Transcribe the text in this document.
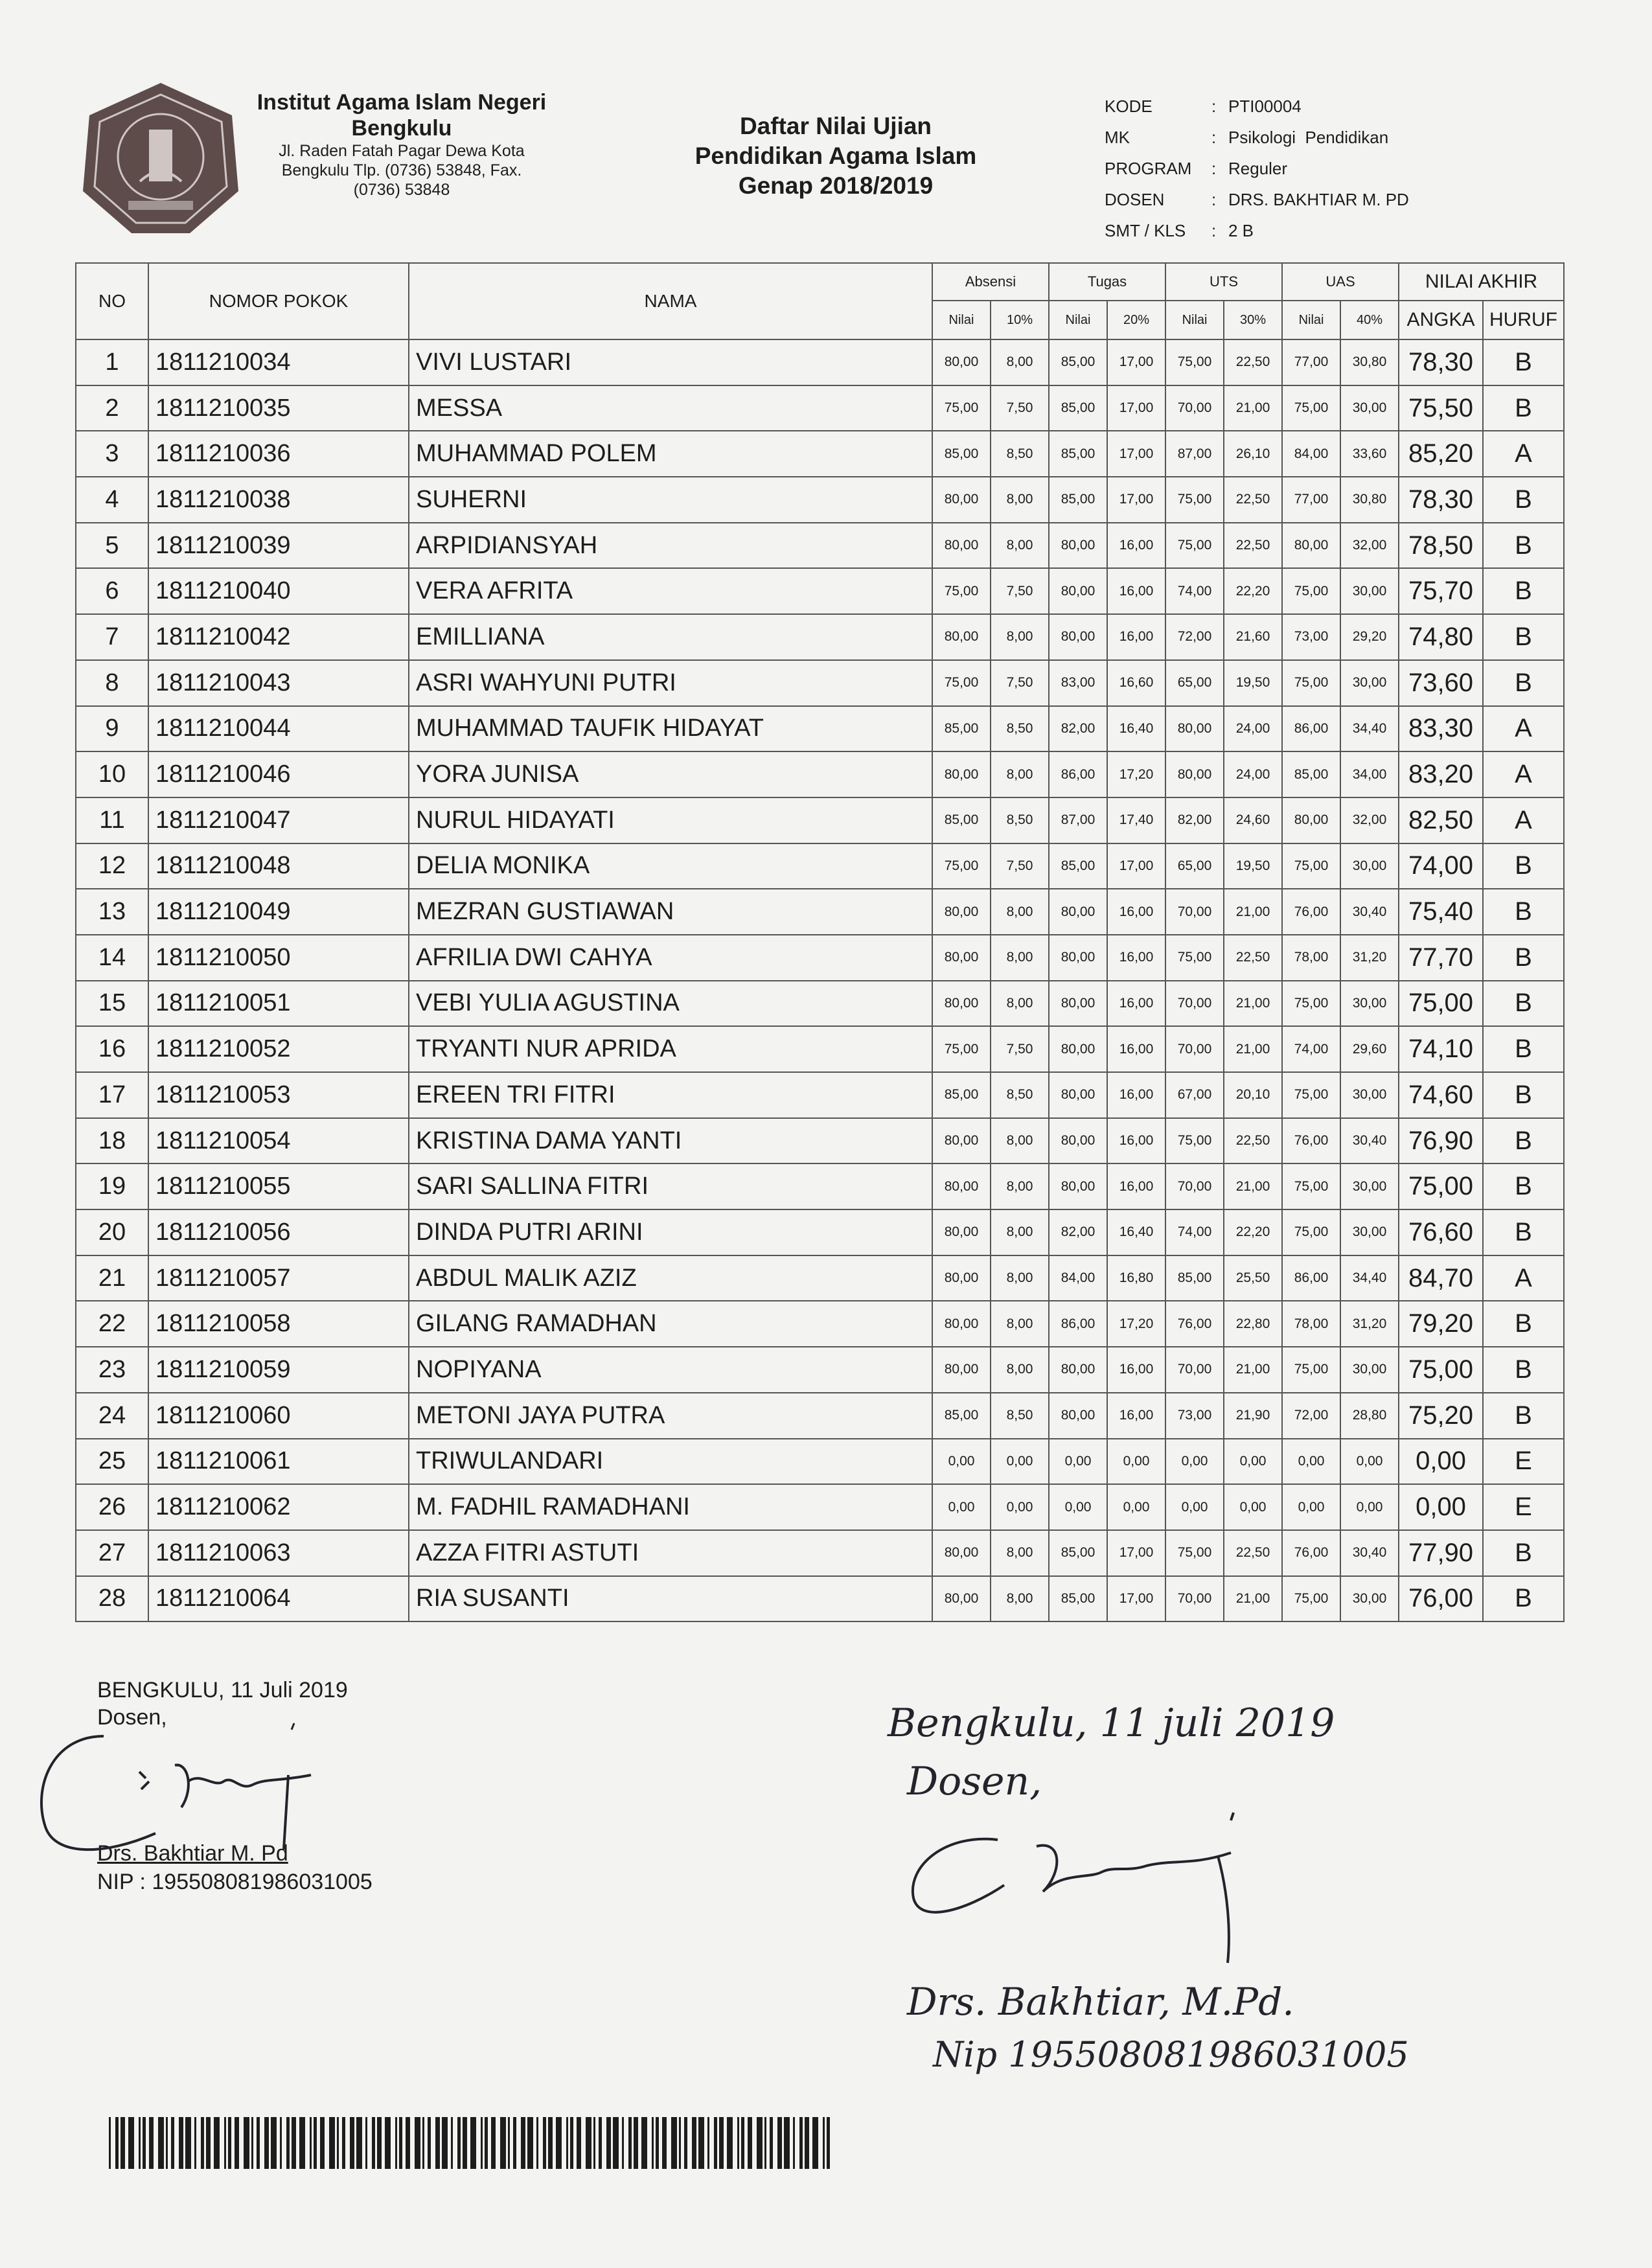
Institut Agama Islam Negeri
Bengkulu
Jl. Raden Fatah Pagar Dewa Kota
Bengkulu Tlp. (0736) 53848, Fax.
(0736) 53848
Daftar Nilai Ujian
Pendidikan Agama Islam
Genap 2018/2019
KODE	: PTI00004
MK	: Psikologi  Pendidikan
PROGRAM	: Reguler
DOSEN	: DRS. BAKHTIAR M. PD
SMT / KLS	: 2 B
NO	NOMOR POKOK	NAMA	Absensi		Tugas		UTS		UAS		NILAI AKHIR	
			Nilai	10%	Nilai	20%	Nilai	30%	Nilai	40%	ANGKA	HURUF
1	1811210034	VIVI LUSTARI	80,00	8,00	85,00	17,00	75,00	22,50	77,00	30,80	78,30	B
2	1811210035	MESSA	75,00	7,50	85,00	17,00	70,00	21,00	75,00	30,00	75,50	B
3	1811210036	MUHAMMAD POLEM	85,00	8,50	85,00	17,00	87,00	26,10	84,00	33,60	85,20	A
4	1811210038	SUHERNI	80,00	8,00	85,00	17,00	75,00	22,50	77,00	30,80	78,30	B
5	1811210039	ARPIDIANSYAH	80,00	8,00	80,00	16,00	75,00	22,50	80,00	32,00	78,50	B
6	1811210040	VERA AFRITA	75,00	7,50	80,00	16,00	74,00	22,20	75,00	30,00	75,70	B
7	1811210042	EMILLIANA	80,00	8,00	80,00	16,00	72,00	21,60	73,00	29,20	74,80	B
8	1811210043	ASRI WAHYUNI PUTRI	75,00	7,50	83,00	16,60	65,00	19,50	75,00	30,00	73,60	B
9	1811210044	MUHAMMAD TAUFIK HIDAYAT	85,00	8,50	82,00	16,40	80,00	24,00	86,00	34,40	83,30	A
10	1811210046	YORA JUNISA	80,00	8,00	86,00	17,20	80,00	24,00	85,00	34,00	83,20	A
11	1811210047	NURUL HIDAYATI	85,00	8,50	87,00	17,40	82,00	24,60	80,00	32,00	82,50	A
12	1811210048	DELIA MONIKA	75,00	7,50	85,00	17,00	65,00	19,50	75,00	30,00	74,00	B
13	1811210049	MEZRAN GUSTIAWAN	80,00	8,00	80,00	16,00	70,00	21,00	76,00	30,40	75,40	B
14	1811210050	AFRILIA DWI CAHYA	80,00	8,00	80,00	16,00	75,00	22,50	78,00	31,20	77,70	B
15	1811210051	VEBI YULIA AGUSTINA	80,00	8,00	80,00	16,00	70,00	21,00	75,00	30,00	75,00	B
16	1811210052	TRYANTI NUR APRIDA	75,00	7,50	80,00	16,00	70,00	21,00	74,00	29,60	74,10	B
17	1811210053	EREEN TRI FITRI	85,00	8,50	80,00	16,00	67,00	20,10	75,00	30,00	74,60	B
18	1811210054	KRISTINA DAMA YANTI	80,00	8,00	80,00	16,00	75,00	22,50	76,00	30,40	76,90	B
19	1811210055	SARI SALLINA FITRI	80,00	8,00	80,00	16,00	70,00	21,00	75,00	30,00	75,00	B
20	1811210056	DINDA PUTRI ARINI	80,00	8,00	82,00	16,40	74,00	22,20	75,00	30,00	76,60	B
21	1811210057	ABDUL MALIK AZIZ	80,00	8,00	84,00	16,80	85,00	25,50	86,00	34,40	84,70	A
22	1811210058	GILANG RAMADHAN	80,00	8,00	86,00	17,20	76,00	22,80	78,00	31,20	79,20	B
23	1811210059	NOPIYANA	80,00	8,00	80,00	16,00	70,00	21,00	75,00	30,00	75,00	B
24	1811210060	METONI JAYA PUTRA	85,00	8,50	80,00	16,00	73,00	21,90	72,00	28,80	75,20	B
25	1811210061	TRIWULANDARI	0,00	0,00	0,00	0,00	0,00	0,00	0,00	0,00	0,00	E
26	1811210062	M. FADHIL RAMADHANI	0,00	0,00	0,00	0,00	0,00	0,00	0,00	0,00	0,00	E
27	1811210063	AZZA FITRI ASTUTI	80,00	8,00	85,00	17,00	75,00	22,50	76,00	30,40	77,90	B
28	1811210064	RIA SUSANTI	80,00	8,00	85,00	17,00	70,00	21,00	75,00	30,00	76,00	B
BENGKULU, 11 Juli 2019
Dosen,
Drs. Bakhtiar M. Pd
NIP : 195508081986031005
Bengkulu, 11 juli 2019
Dosen,
Drs. Bakhtiar, M.Pd.
Nip 195508081986031005
